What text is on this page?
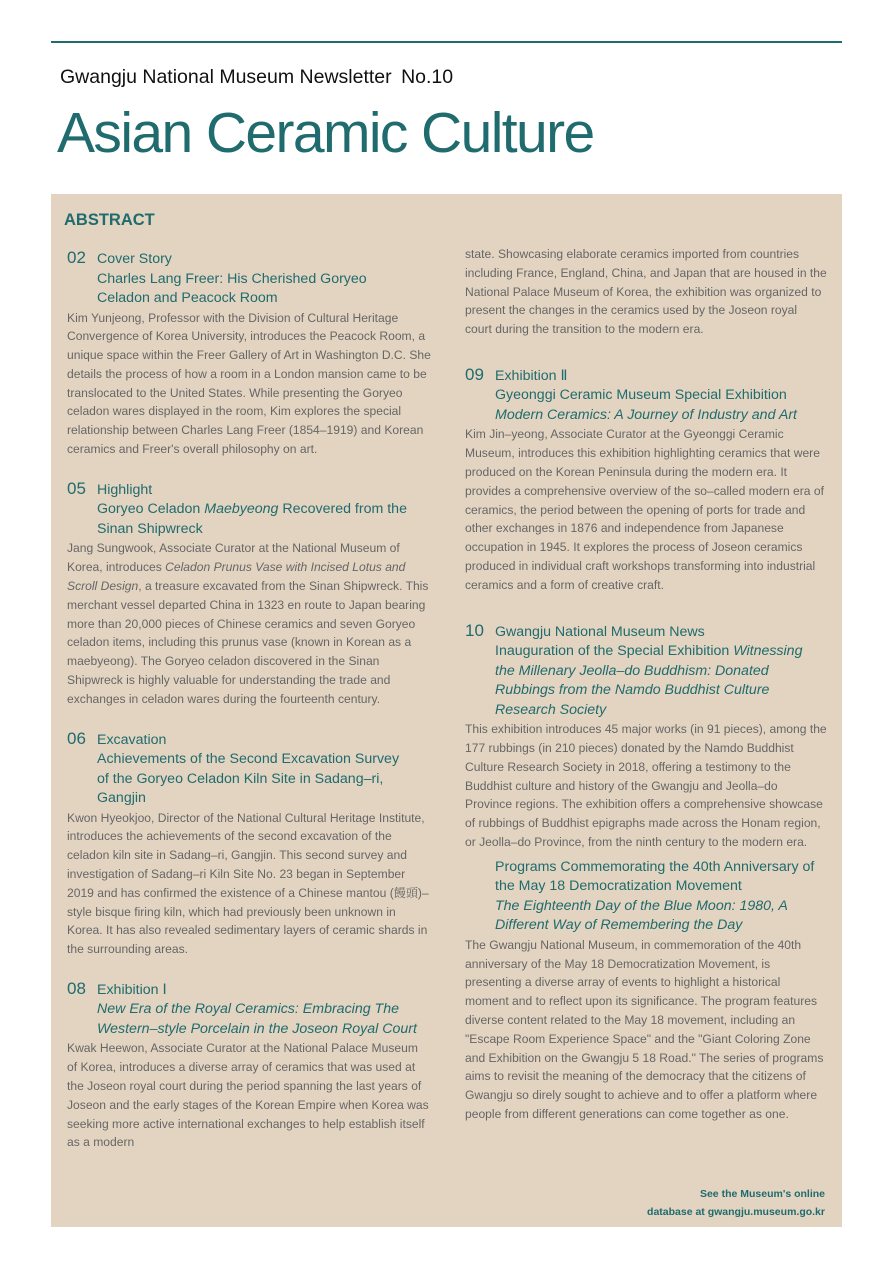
Gwangju National Museum Newsletter No.10
Asian Ceramic Culture
ABSTRACT
02 Cover Story
Charles Lang Freer: His Cherished Goryeo
Celadon and Peacock Room

Kim Yunjeong, Professor with the Division of Cultural Heritage Convergence of Korea University, introduces the Peacock Room, a unique space within the Freer Gallery of Art in Washington D.C. She details the process of how a room in a London mansion came to be translocated to the United States. While presenting the Goryeo celadon wares displayed in the room, Kim explores the special relationship between Charles Lang Freer (1854–1919) and Korean ceramics and Freer's overall philosophy on art.

05 Highlight
Goryeo Celadon Maebyeong Recovered from the
Sinan Shipwreck

Jang Sungwook, Associate Curator at the National Museum of Korea, introduces Celadon Prunus Vase with Incised Lotus and Scroll Design, a treasure excavated from the Sinan Shipwreck. This merchant vessel departed China in 1323 en route to Japan bearing more than 20,000 pieces of Chinese ceramics and seven Goryeo celadon items, including this prunus vase (known in Korean as a maebyeong). The Goryeo celadon discovered in the Sinan Shipwreck is highly valuable for understanding the trade and exchanges in celadon wares during the fourteenth century.

06 Excavation
Achievements of the Second Excavation Survey
of the Goryeo Celadon Kiln Site in Sadang–ri,
Gangjin

Kwon Hyeokjoo, Director of the National Cultural Heritage Institute, introduces the achievements of the second excavation of the celadon kiln site in Sadang–ri, Gangjin. This second survey and investigation of Sadang–ri Kiln Site No. 23 began in September 2019 and has confirmed the existence of a Chinese mantou (饅頭)–style bisque firing kiln, which had previously been unknown in Korea. It has also revealed sedimentary layers of ceramic shards in the surrounding areas.

08 Exhibition Ⅰ
New Era of the Royal Ceramics: Embracing The
Western–style Porcelain in the Joseon Royal Court

Kwak Heewon, Associate Curator at the National Palace Museum of Korea, introduces a diverse array of ceramics that was used at the Joseon royal court during the period spanning the last years of Joseon and the early stages of the Korean Empire when Korea was seeking more active international exchanges to help establish itself as a modern

state. Showcasing elaborate ceramics imported from countries including France, England, China, and Japan that are housed in the National Palace Museum of Korea, the exhibition was organized to present the changes in the ceramics used by the Joseon royal court during the transition to the modern era.

09 Exhibition Ⅱ
Gyeonggi Ceramic Museum Special Exhibition
Modern Ceramics: A Journey of Industry and Art

Kim Jin–yeong, Associate Curator at the Gyeonggi Ceramic Museum, introduces this exhibition highlighting ceramics that were produced on the Korean Peninsula during the modern era. It provides a comprehensive overview of the so–called modern era of ceramics, the period between the opening of ports for trade and other exchanges in 1876 and independence from Japanese occupation in 1945. It explores the process of Joseon ceramics produced in individual craft workshops transforming into industrial ceramics and a form of creative craft.

10 Gwangju National Museum News
Inauguration of the Special Exhibition Witnessing
the Millenary Jeolla–do Buddhism: Donated
Rubbings from the Namdo Buddhist Culture
Research Society

This exhibition introduces 45 major works (in 91 pieces), among the 177 rubbings (in 210 pieces) donated by the Namdo Buddhist Culture Research Society in 2018, offering a testimony to the Buddhist culture and history of the Gwangju and Jeolla–do Province regions. The exhibition offers a comprehensive showcase of rubbings of Buddhist epigraphs made across the Honam region, or Jeolla–do Province, from the ninth century to the modern era.

Programs Commemorating the 40th Anniversary of
the May 18 Democratization Movement
The Eighteenth Day of the Blue Moon: 1980, A
Different Way of Remembering the Day

The Gwangju National Museum, in commemoration of the 40th anniversary of the May 18 Democratization Movement, is presenting a diverse array of events to highlight a historical moment and to reflect upon its significance. The program features diverse content related to the May 18 movement, including an "Escape Room Experience Space" and the "Giant Coloring Zone and Exhibition on the Gwangju 5 18 Road." The series of programs aims to revisit the meaning of the democracy that the citizens of Gwangju so direly sought to achieve and to offer a platform where people from different generations can come together as one.

See the Museum's online
database at gwangju.museum.go.kr
